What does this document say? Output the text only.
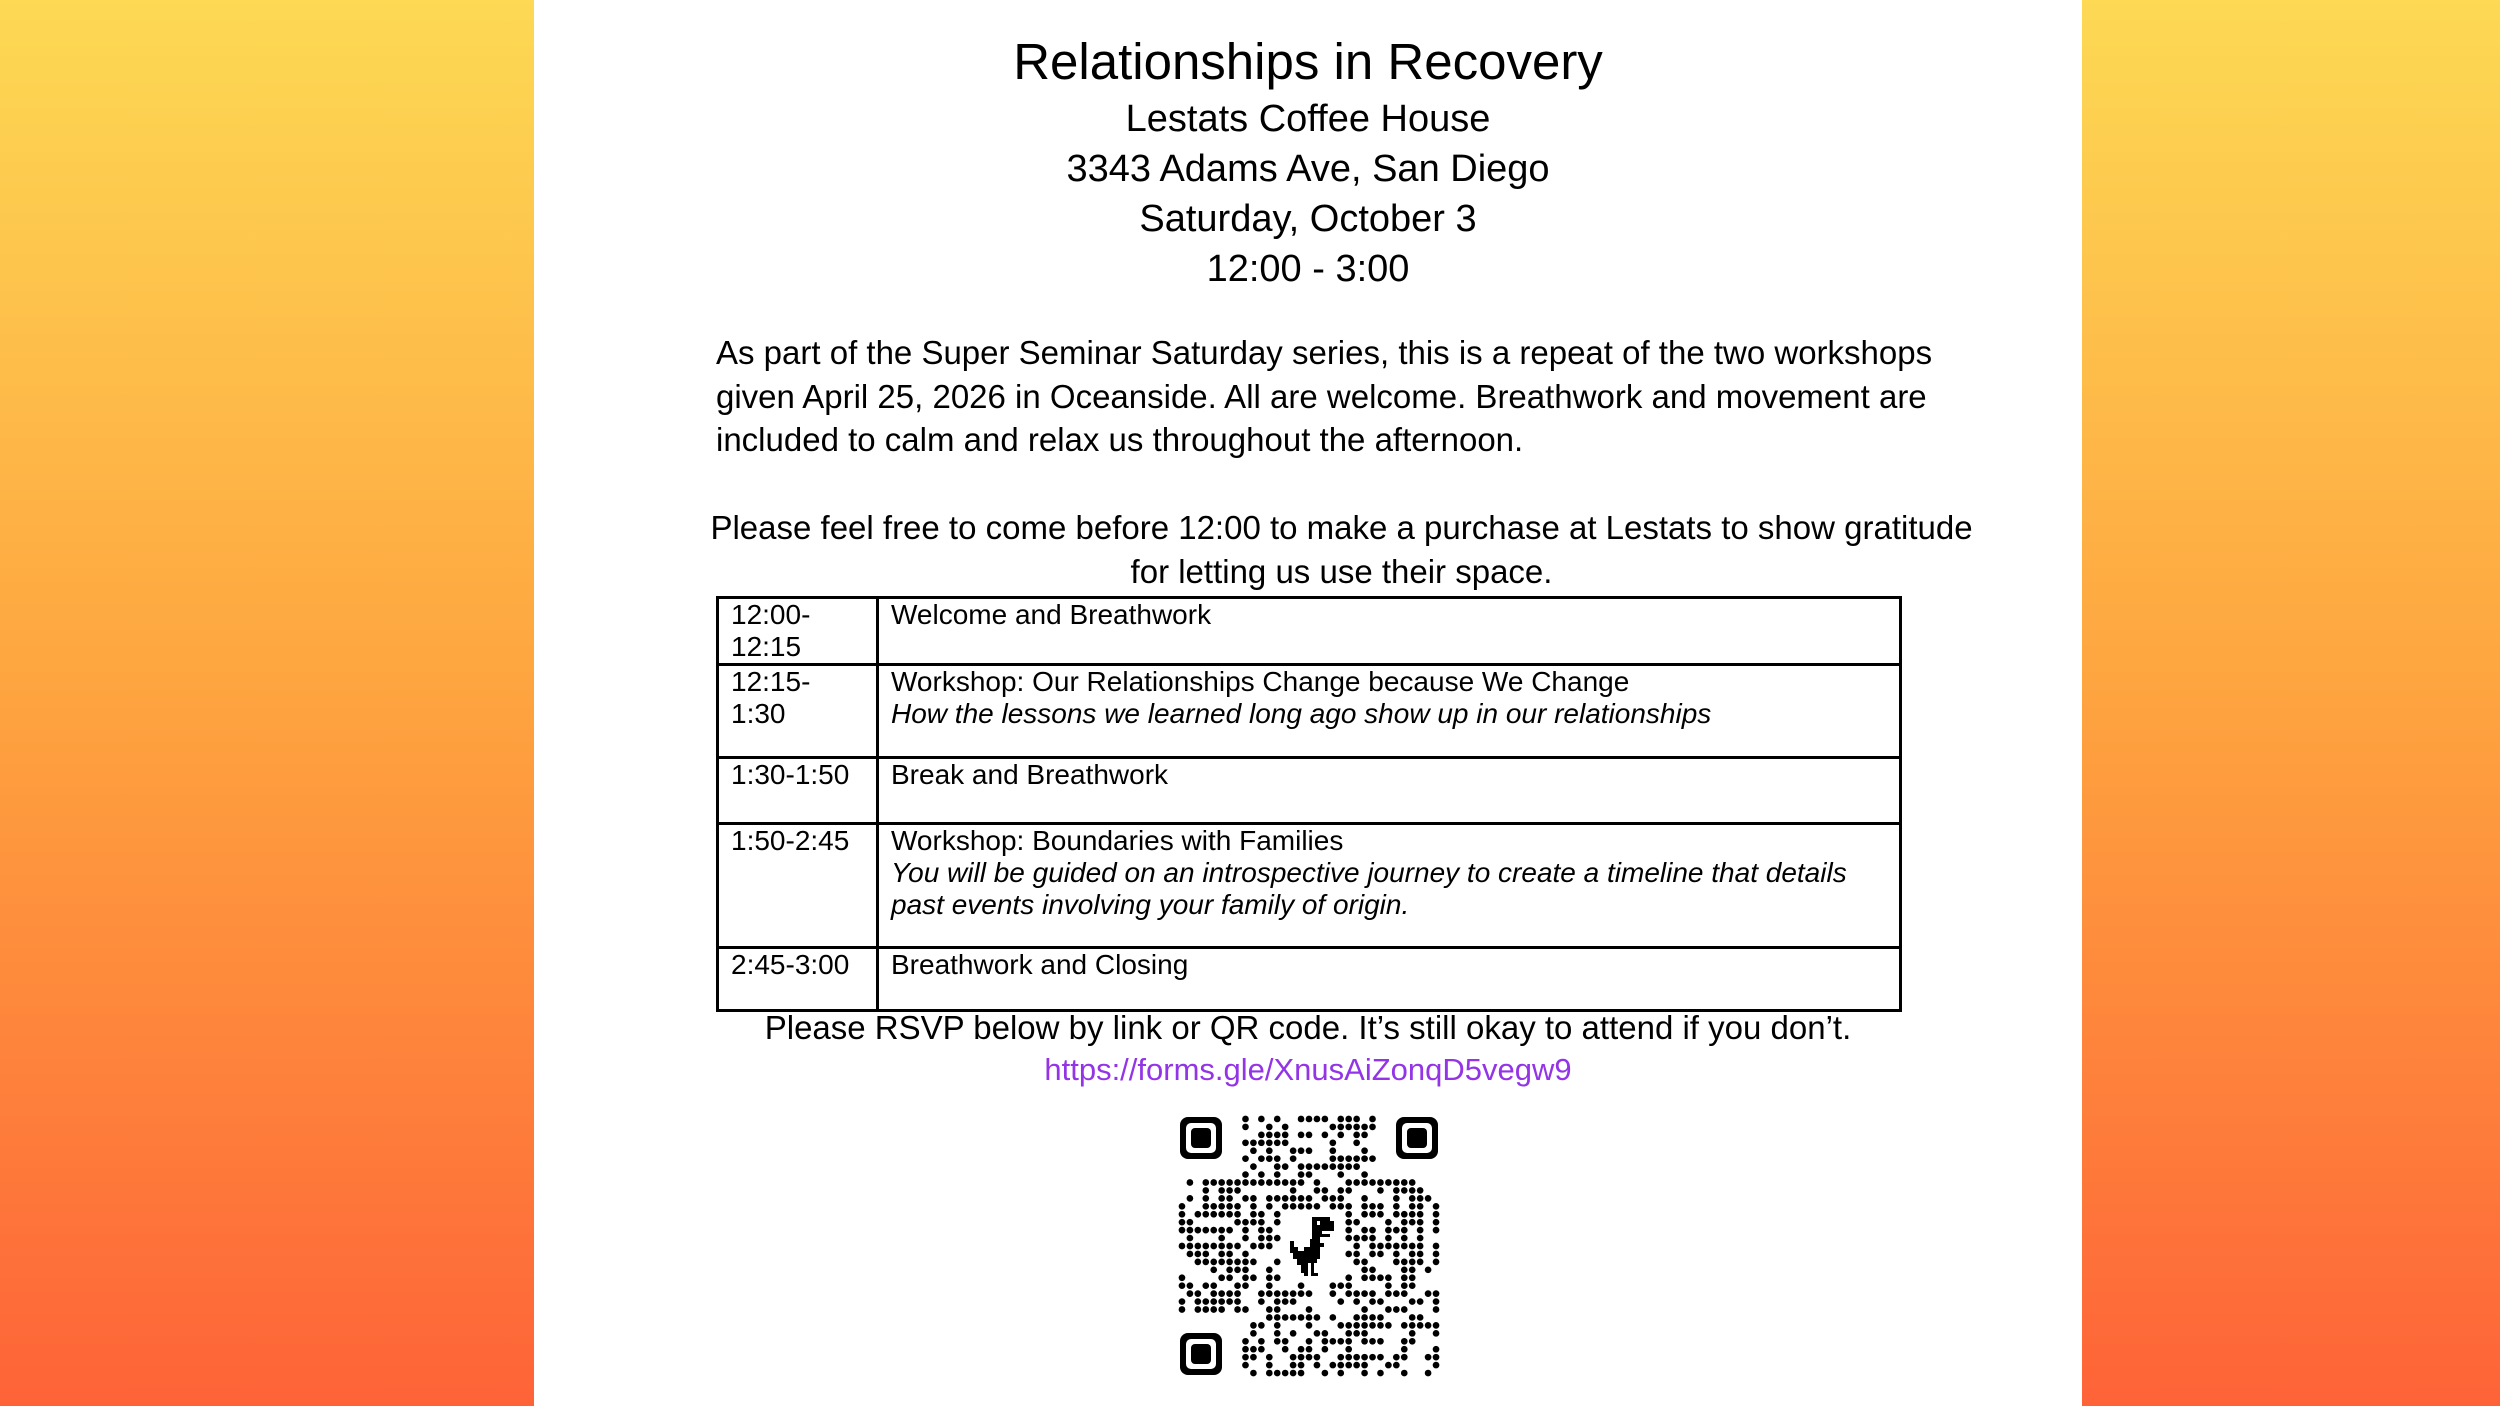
Relationships in Recovery

Lestats Coffee House

3343 Adams Ave, San Diego

Saturday, October 3

12:00 - 3:00

As part of the Super Seminar Saturday series, this is a repeat of the two workshops given April 25, 2026 in Oceanside. All are welcome. Breathwork and movement are included to calm and relax us throughout the afternoon.

Please feel free to come before 12:00 to make a purchase at Lestats to show gratitude for letting us use their space.

12:00-12:15	Welcome and Breathwork
12:15-1:30	Workshop: Our Relationships Change because We Change
How the lessons we learned long ago show up in our relationships

1:30-1:50	Break and Breathwork
1:50-2:45	Workshop: Boundaries with Families
You will be guided on an introspective journey to create a timeline that details past events involving your family of origin.

2:45-3:00	Breathwork and Closing

Please RSVP below by link or QR code. It’s still okay to attend if you don’t.

https://forms.gle/XnusAiZonqD5vegw9
